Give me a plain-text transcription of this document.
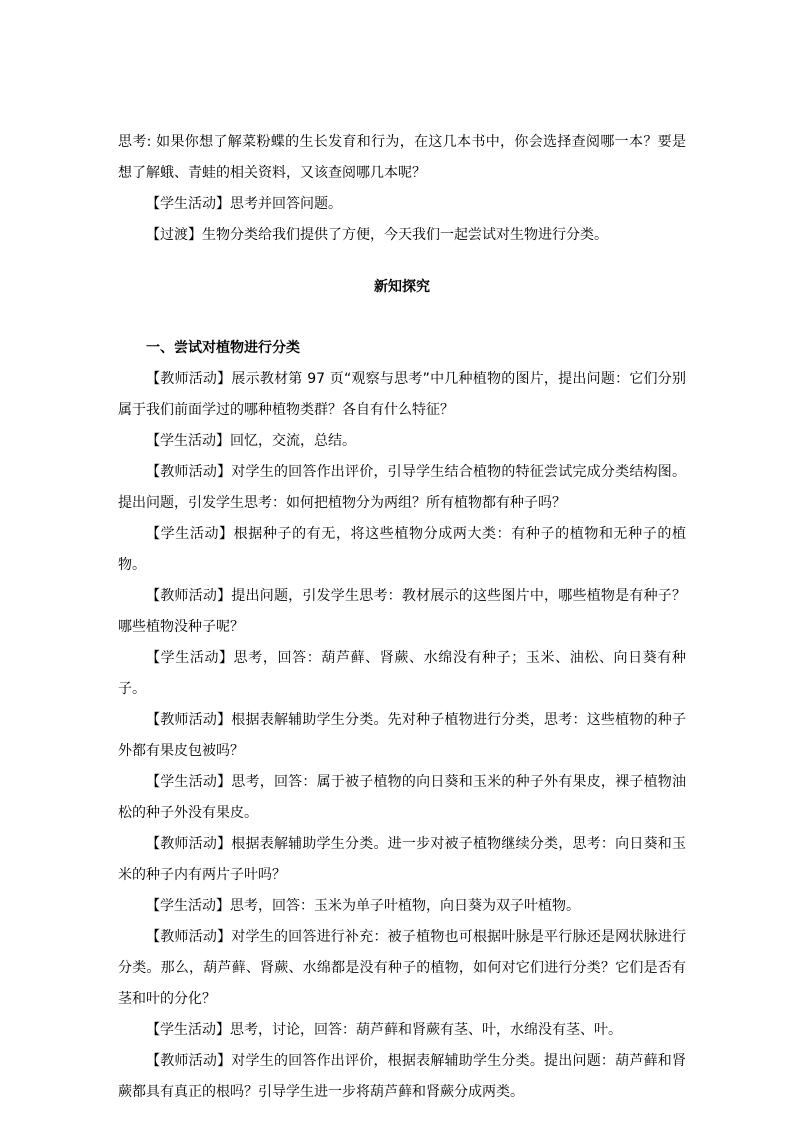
思考: 如果你想了解菜粉蝶的生长发育和行为，在这几本书中，你会选择查阅哪一本？要是想了解蛾、青蛙的相关资料，又该查阅哪几本呢？

【学生活动】思考并回答问题。

【过渡】生物分类给我们提供了方便，今天我们一起尝试对生物进行分类。

新知探究
一、尝试对植物进行分类

【教师活动】展示教材第 97 页“观察与思考”中几种植物的图片，提出问题：它们分别属于我们前面学过的哪种植物类群？各自有什么特征？

【学生活动】回忆，交流，总结。

【教师活动】对学生的回答作出评价，引导学生结合植物的特征尝试完成分类结构图。提出问题，引发学生思考：如何把植物分为两组？所有植物都有种子吗？

【学生活动】根据种子的有无，将这些植物分成两大类：有种子的植物和无种子的植物。

【教师活动】提出问题，引发学生思考：教材展示的这些图片中，哪些植物是有种子？哪些植物没种子呢？

【学生活动】思考，回答：葫芦藓、肾蕨、水绵没有种子；玉米、油松、向日葵有种子。

【教师活动】根据表解辅助学生分类。先对种子植物进行分类，思考：这些植物的种子外都有果皮包被吗？

【学生活动】思考，回答：属于被子植物的向日葵和玉米的种子外有果皮，裸子植物油松的种子外没有果皮。

【教师活动】根据表解辅助学生分类。进一步对被子植物继续分类，思考：向日葵和玉米的种子内有两片子叶吗？

【学生活动】思考，回答：玉米为单子叶植物，向日葵为双子叶植物。

【教师活动】对学生的回答进行补充：被子植物也可根据叶脉是平行脉还是网状脉进行分类。那么，葫芦藓、肾蕨、水绵都是没有种子的植物，如何对它们进行分类？它们是否有茎和叶的分化？

【学生活动】思考，讨论，回答：葫芦藓和肾蕨有茎、叶，水绵没有茎、叶。

【教师活动】对学生的回答作出评价，根据表解辅助学生分类。提出问题：葫芦藓和肾蕨都具有真正的根吗？引导学生进一步将葫芦藓和肾蕨分成两类。
